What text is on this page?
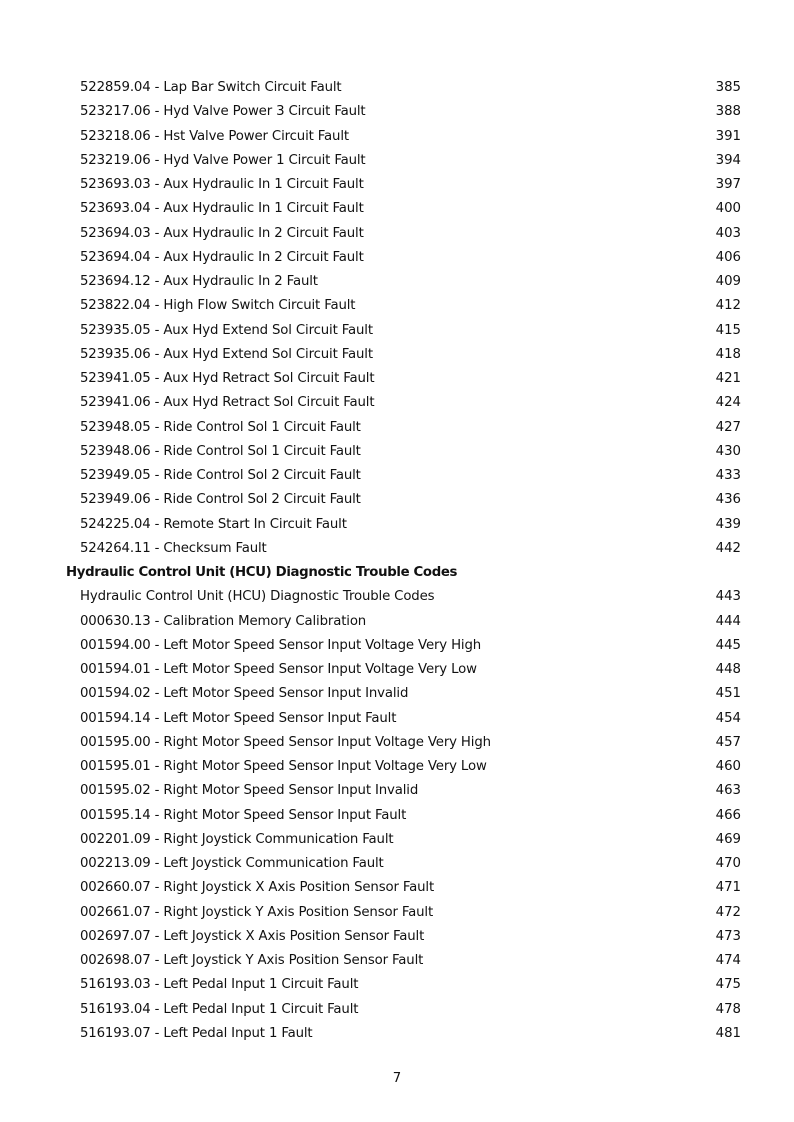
522859.04 - Lap Bar Switch Circuit Fault	385
523217.06 - Hyd Valve Power 3 Circuit Fault	388
523218.06 - Hst Valve Power Circuit Fault	391
523219.06 - Hyd Valve Power 1 Circuit Fault	394
523693.03 - Aux Hydraulic In 1 Circuit Fault	397
523693.04 - Aux Hydraulic In 1 Circuit Fault	400
523694.03 - Aux Hydraulic In 2 Circuit Fault	403
523694.04 - Aux Hydraulic In 2 Circuit Fault	406
523694.12 - Aux Hydraulic In 2 Fault	409
523822.04 - High Flow Switch Circuit Fault	412
523935.05 - Aux Hyd Extend Sol Circuit Fault	415
523935.06 - Aux Hyd Extend Sol Circuit Fault	418
523941.05 - Aux Hyd Retract Sol Circuit Fault	421
523941.06 - Aux Hyd Retract Sol Circuit Fault	424
523948.05 - Ride Control Sol 1 Circuit Fault	427
523948.06 - Ride Control Sol 1 Circuit Fault	430
523949.05 - Ride Control Sol 2 Circuit Fault	433
523949.06 - Ride Control Sol 2 Circuit Fault	436
524225.04 - Remote Start In Circuit Fault	439
524264.11 - Checksum Fault	442
Hydraulic Control Unit (HCU) Diagnostic Trouble Codes
Hydraulic Control Unit (HCU) Diagnostic Trouble Codes	443
000630.13 - Calibration Memory Calibration	444
001594.00 - Left Motor Speed Sensor Input Voltage Very High	445
001594.01 - Left Motor Speed Sensor Input Voltage Very Low	448
001594.02 - Left Motor Speed Sensor Input Invalid	451
001594.14 - Left Motor Speed Sensor Input Fault	454
001595.00 - Right Motor Speed Sensor Input Voltage Very High	457
001595.01 - Right Motor Speed Sensor Input Voltage Very Low	460
001595.02 - Right Motor Speed Sensor Input Invalid	463
001595.14 - Right Motor Speed Sensor Input Fault	466
002201.09 - Right Joystick Communication Fault	469
002213.09 - Left Joystick Communication Fault	470
002660.07 - Right Joystick X Axis Position Sensor Fault	471
002661.07 - Right Joystick Y Axis Position Sensor Fault	472
002697.07 - Left Joystick X Axis Position Sensor Fault	473
002698.07 - Left Joystick Y Axis Position Sensor Fault	474
516193.03 - Left Pedal Input 1 Circuit Fault	475
516193.04 - Left Pedal Input 1 Circuit Fault	478
516193.07 - Left Pedal Input 1 Fault	481
7
